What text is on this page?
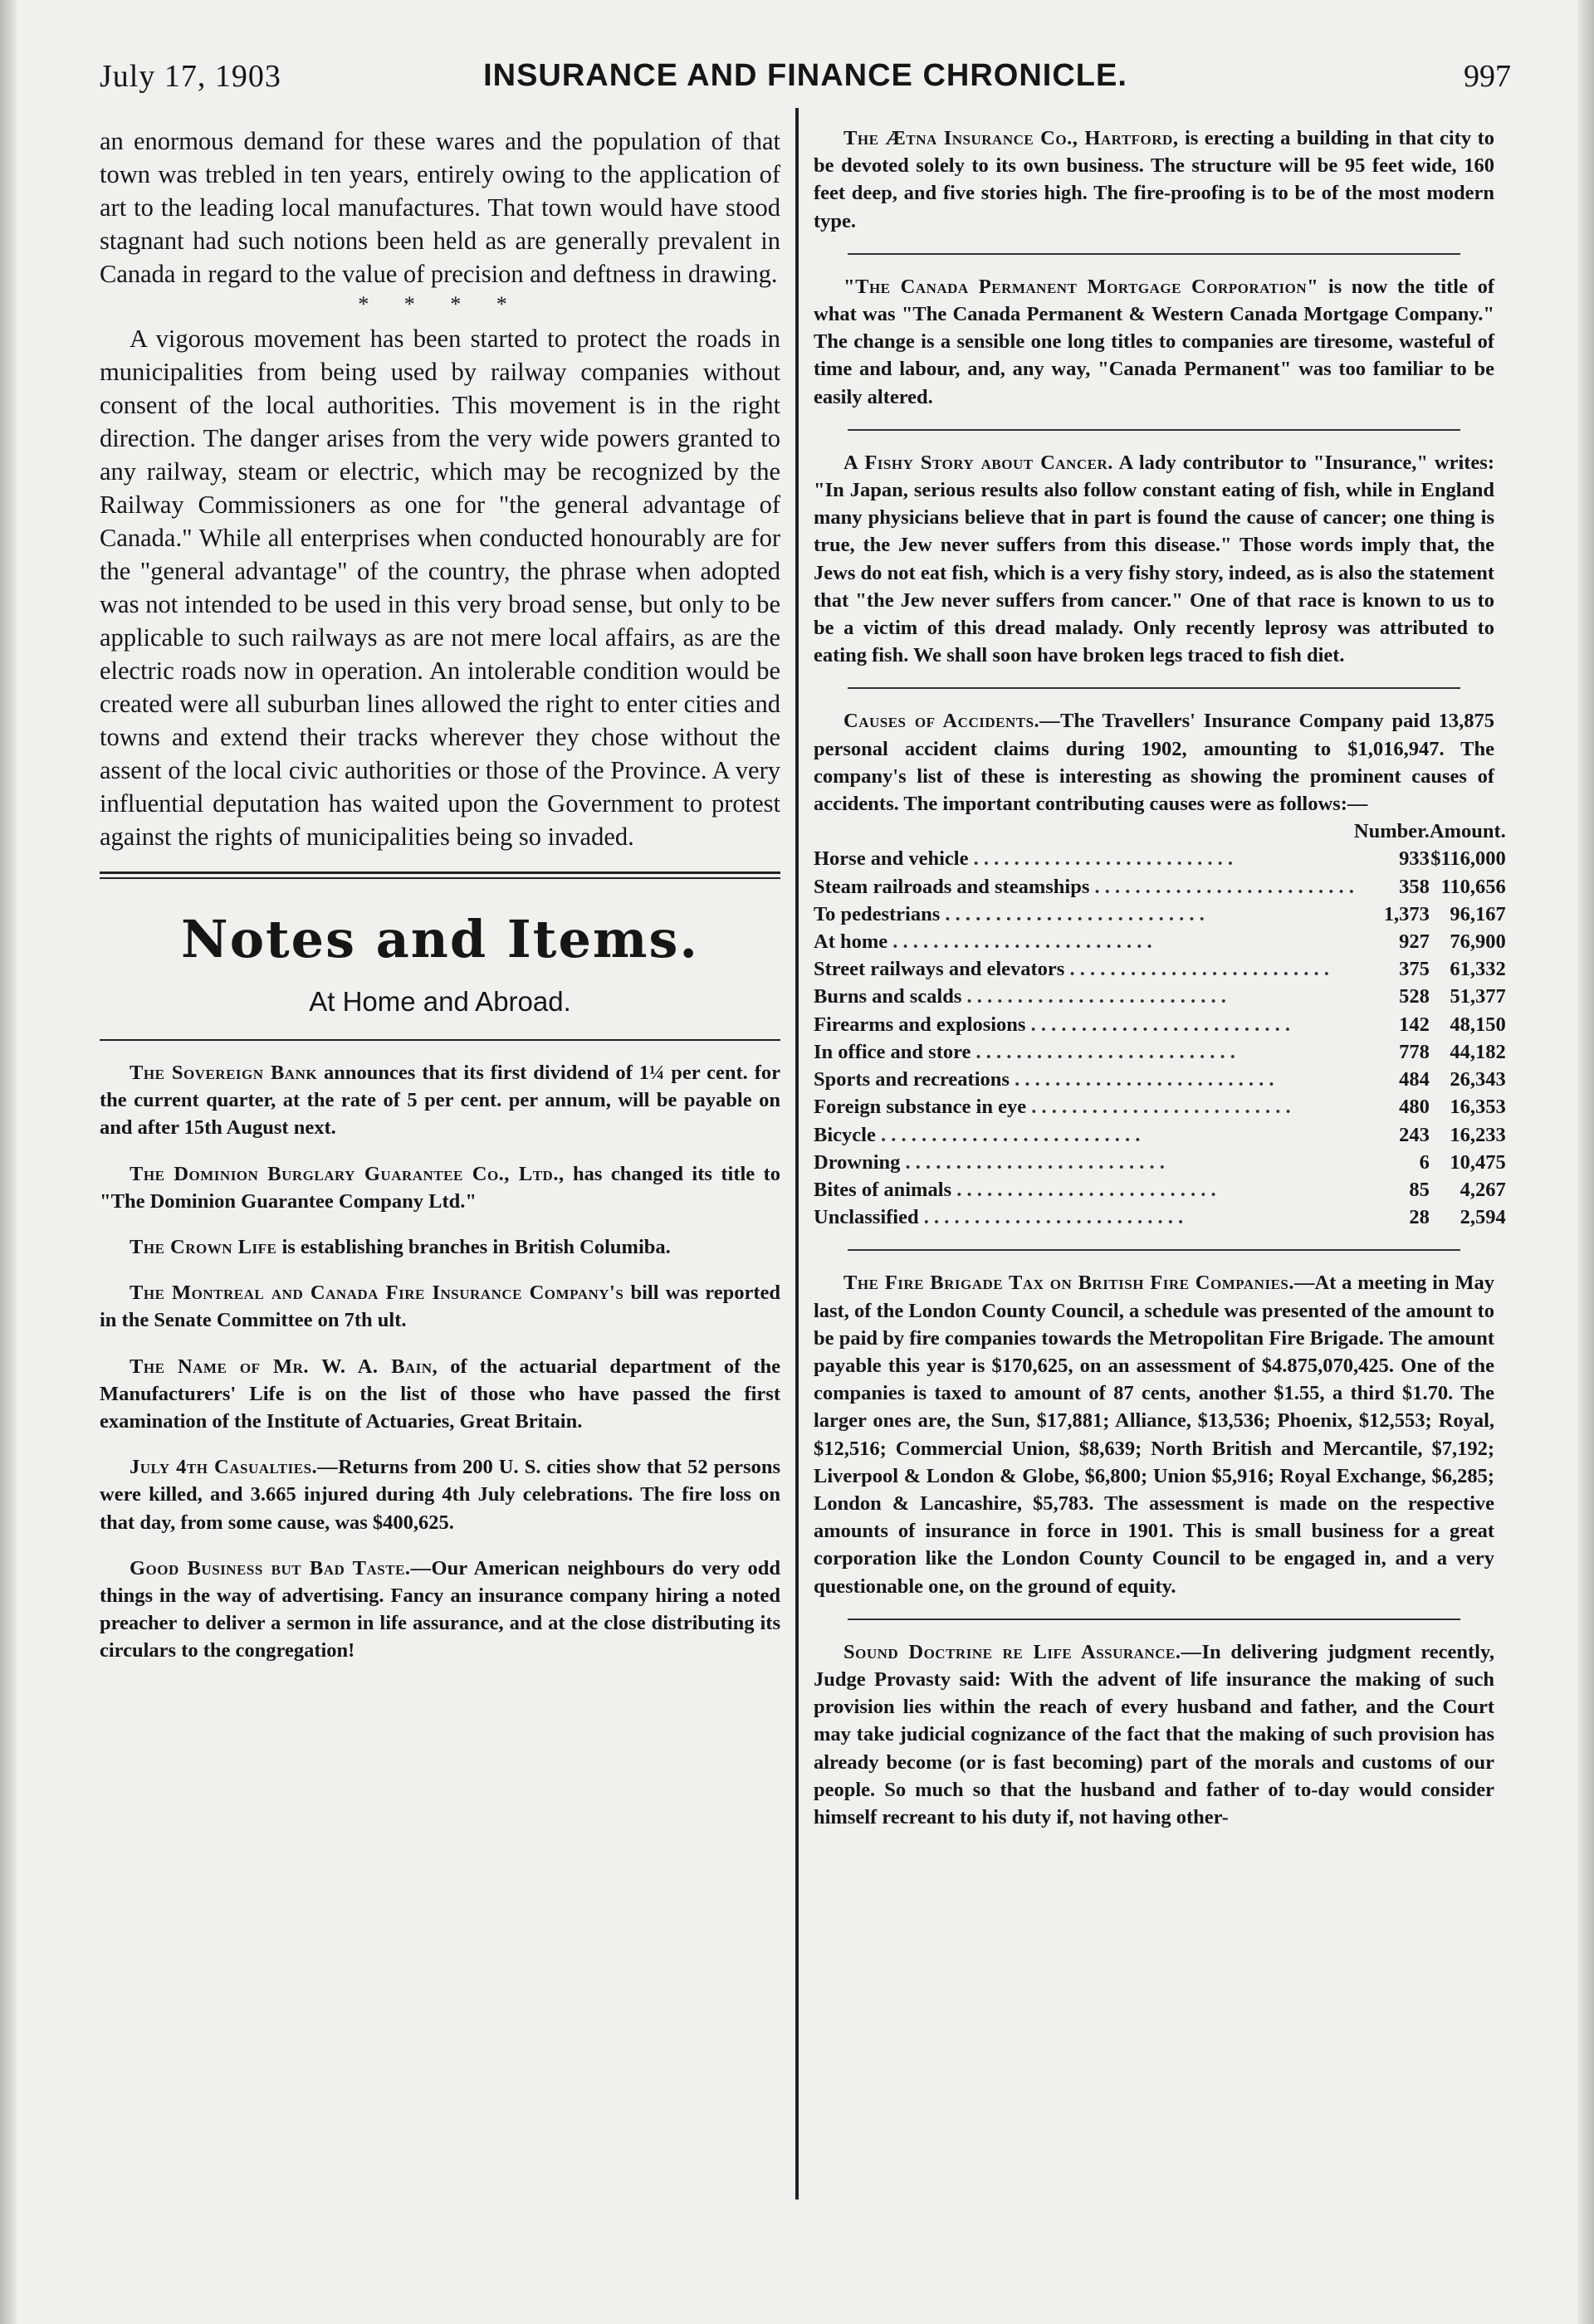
July 17, 1903	INSURANCE AND FINANCE CHRONICLE.	997

an enormous demand for these wares and the population of that town was trebled in ten years, entirely owing to the application of art to the leading local manufactures. That town would have stood stagnant had such notions been held as are generally prevalent in Canada in regard to the value of precision and deftness in drawing.

* * * *

A vigorous movement has been started to protect the roads in municipalities from being used by railway companies without consent of the local authorities. This movement is in the right direction. The danger arises from the very wide powers granted to any railway, steam or electric, which may be recognized by the Railway Commissioners as one for "the general advantage of Canada." While all enterprises when conducted honourably are for the "general advantage" of the country, the phrase when adopted was not intended to be used in this very broad sense, but only to be applicable to such railways as are not mere local affairs, as are the electric roads now in operation. An intolerable condition would be created were all suburban lines allowed the right to enter cities and towns and extend their tracks wherever they chose without the assent of the local civic authorities or those of the Province. A very influential deputation has waited upon the Government to protest against the rights of municipalities being so invaded.

Notes and Items.
At Home and Abroad.

The Sovereign Bank announces that its first dividend of 1¼ per cent. for the current quarter, at the rate of 5 per cent. per annum, will be payable on and after 15th August next.

The Dominion Burglary Guarantee Co., Ltd., has changed its title to "The Dominion Guarantee Company Ltd."

The Crown Life is establishing branches in British Columiba.

The Montreal and Canada Fire Insurance Company's bill was reported in the Senate Committee on 7th ult.

The Name of Mr. W. A. Bain, of the actuarial department of the Manufacturers' Life is on the list of those who have passed the first examination of the Institute of Actuaries, Great Britain.

July 4th Casualties.—Returns from 200 U. S. cities show that 52 persons were killed, and 3.665 injured during 4th July celebrations. The fire loss on that day, from some cause, was $400,625.

Good Business but Bad Taste.—Our American neighbours do very odd things in the way of advertising. Fancy an insurance company hiring a noted preacher to deliver a sermon in life assurance, and at the close distributing its circulars to the congregation!

The Ætna Insurance Co., Hartford, is erecting a building in that city to be devoted solely to its own business. The structure will be 95 feet wide, 160 feet deep, and five stories high. The fire-proofing is to be of the most modern type.

"The Canada Permanent Mortgage Corporation" is now the title of what was "The Canada Permanent & Western Canada Mortgage Company." The change is a sensible one long titles to companies are tiresome, wasteful of time and labour, and, any way, "Canada Permanent" was too familiar to be easily altered.

A Fishy Story about Cancer. A lady contributor to "Insurance," writes: "In Japan, serious results also follow constant eating of fish, while in England many physicians believe that in part is found the cause of cancer; one thing is true, the Jew never suffers from this disease." Those words imply that, the Jews do not eat fish, which is a very fishy story, indeed, as is also the statement that "the Jew never suffers from cancer." One of that race is known to us to be a victim of this dread malady. Only recently leprosy was attributed to eating fish. We shall soon have broken legs traced to fish diet.

Causes of Accidents.—The Travellers' Insurance Company paid 13,875 personal accident claims during 1902, amounting to $1,016,947. The company's list of these is interesting as showing the prominent causes of accidents. The important contributing causes were as follows:—

	Number.	Amount.
Horse and vehicle . . . . . . . . . . . . . . . . . . . . . . . . . .	933	$116,000
Steam railroads and steamships . . . . . . . . . . . . . . . . . . . . . . . . . .	358	110,656
To pedestrians . . . . . . . . . . . . . . . . . . . . . . . . . .	1,373	96,167
At home . . . . . . . . . . . . . . . . . . . . . . . . . .	927	76,900
Street railways and elevators . . . . . . . . . . . . . . . . . . . . . . . . . .	375	61,332
Burns and scalds . . . . . . . . . . . . . . . . . . . . . . . . . .	528	51,377
Firearms and explosions . . . . . . . . . . . . . . . . . . . . . . . . . .	142	48,150
In office and store . . . . . . . . . . . . . . . . . . . . . . . . . .	778	44,182
Sports and recreations . . . . . . . . . . . . . . . . . . . . . . . . . .	484	26,343
Foreign substance in eye . . . . . . . . . . . . . . . . . . . . . . . . . .	480	16,353
Bicycle . . . . . . . . . . . . . . . . . . . . . . . . . .	243	16,233
Drowning . . . . . . . . . . . . . . . . . . . . . . . . . .	6	10,475
Bites of animals . . . . . . . . . . . . . . . . . . . . . . . . . .	85	4,267
Unclassified . . . . . . . . . . . . . . . . . . . . . . . . . .	28	2,594

The Fire Brigade Tax on British Fire Companies.—At a meeting in May last, of the London County Council, a schedule was presented of the amount to be paid by fire companies towards the Metropolitan Fire Brigade. The amount payable this year is $170,625, on an assessment of $4.875,070,425. One of the companies is taxed to amount of 87 cents, another $1.55, a third $1.70. The larger ones are, the Sun, $17,881; Alliance, $13,536; Phoenix, $12,553; Royal, $12,516; Commercial Union, $8,639; North British and Mercantile, $7,192; Liverpool & London & Globe, $6,800; Union $5,916; Royal Exchange, $6,285; London & Lancashire, $5,783. The assessment is made on the respective amounts of insurance in force in 1901. This is small business for a great corporation like the London County Council to be engaged in, and a very questionable one, on the ground of equity.

Sound Doctrine re Life Assurance.—In delivering judgment recently, Judge Provasty said: With the advent of life insurance the making of such provision lies within the reach of every husband and father, and the Court may take judicial cognizance of the fact that the making of such provision has already become (or is fast becoming) part of the morals and customs of our people. So much so that the husband and father of to-day would consider himself recreant to his duty if, not having other-
